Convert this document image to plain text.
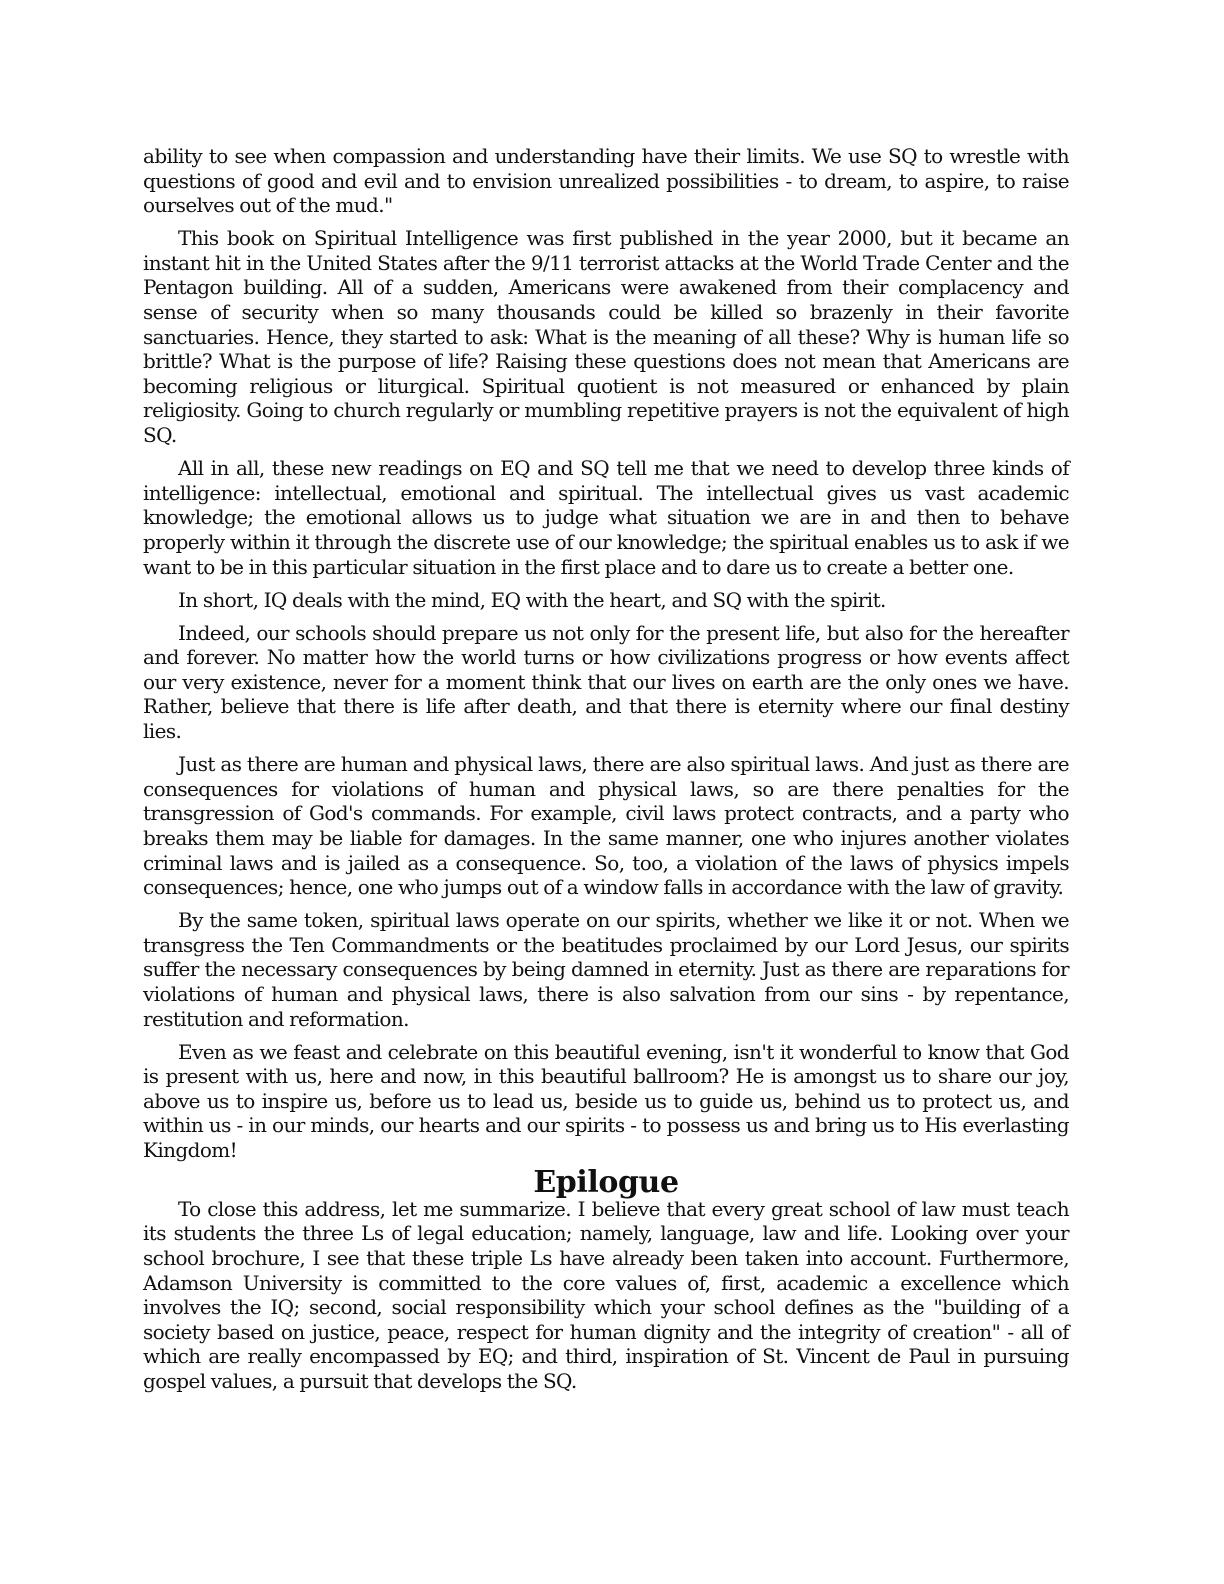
ability to see when compassion and understanding have their limits. We use SQ to wrestle with questions of good and evil and to envision unrealized possibilities - to dream, to aspire, to raise ourselves out of the mud."

This book on Spiritual Intelligence was first published in the year 2000, but it became an instant hit in the United States after the 9/11 terrorist attacks at the World Trade Center and the Pentagon building. All of a sudden, Americans were awakened from their complacency and sense of security when so many thousands could be killed so brazenly in their favorite sanctuaries. Hence, they started to ask: What is the meaning of all these? Why is human life so brittle? What is the purpose of life? Raising these questions does not mean that Americans are becoming religious or liturgical. Spiritual quotient is not measured or enhanced by plain religiosity. Going to church regularly or mumbling repetitive prayers is not the equivalent of high SQ.

All in all, these new readings on EQ and SQ tell me that we need to develop three kinds of intelligence: intellectual, emotional and spiritual. The intellectual gives us vast academic knowledge; the emotional allows us to judge what situation we are in and then to behave properly within it through the discrete use of our knowledge; the spiritual enables us to ask if we want to be in this particular situation in the first place and to dare us to create a better one.

In short, IQ deals with the mind, EQ with the heart, and SQ with the spirit.

Indeed, our schools should prepare us not only for the present life, but also for the hereafter and forever. No matter how the world turns or how civilizations progress or how events affect our very existence, never for a moment think that our lives on earth are the only ones we have. Rather, believe that there is life after death, and that there is eternity where our final destiny lies.

Just as there are human and physical laws, there are also spiritual laws. And just as there are consequences for violations of human and physical laws, so are there penalties for the transgression of God's commands. For example, civil laws protect contracts, and a party who breaks them may be liable for damages. In the same manner, one who injures another violates criminal laws and is jailed as a consequence. So, too, a violation of the laws of physics impels consequences; hence, one who jumps out of a window falls in accordance with the law of gravity.

By the same token, spiritual laws operate on our spirits, whether we like it or not. When we transgress the Ten Commandments or the beatitudes proclaimed by our Lord Jesus, our spirits suffer the necessary consequences by being damned in eternity. Just as there are reparations for violations of human and physical laws, there is also salvation from our sins - by repentance, restitution and reformation.

Even as we feast and celebrate on this beautiful evening, isn't it wonderful to know that God is present with us, here and now, in this beautiful ballroom? He is amongst us to share our joy, above us to inspire us, before us to lead us, beside us to guide us, behind us to protect us, and within us - in our minds, our hearts and our spirits - to possess us and bring us to His everlasting Kingdom!

Epilogue

To close this address, let me summarize. I believe that every great school of law must teach its students the three Ls of legal education; namely, language, law and life. Looking over your school brochure, I see that these triple Ls have already been taken into account. Furthermore, Adamson University is committed to the core values of, first, academic a excellence which involves the IQ; second, social responsibility which your school defines as the "building of a society based on justice, peace, respect for human dignity and the integrity of creation" - all of which are really encompassed by EQ; and third, inspiration of St. Vincent de Paul in pursuing gospel values, a pursuit that develops the SQ.
